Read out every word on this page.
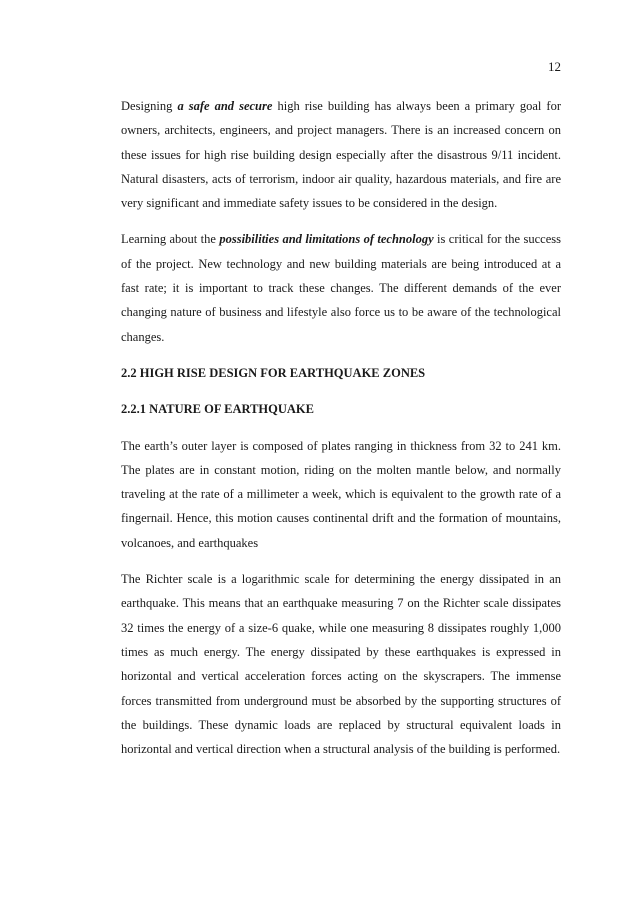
12

Designing a safe and secure high rise building has always been a primary goal for owners, architects, engineers, and project managers. There is an increased concern on these issues for high rise building design especially after the disastrous 9/11 incident. Natural disasters, acts of terrorism, indoor air quality, hazardous materials, and fire are very significant and immediate safety issues to be considered in the design.

Learning about the possibilities and limitations of technology is critical for the success of the project. New technology and new building materials are being introduced at a fast rate; it is important to track these changes. The different demands of the ever changing nature of business and lifestyle also force us to be aware of the technological changes.

2.2 HIGH RISE DESIGN FOR EARTHQUAKE ZONES
2.2.1 NATURE OF EARTHQUAKE

The earth’s outer layer is composed of plates ranging in thickness from 32 to 241 km. The plates are in constant motion, riding on the molten mantle below, and normally traveling at the rate of a millimeter a week, which is equivalent to the growth rate of a fingernail. Hence, this motion causes continental drift and the formation of mountains, volcanoes, and earthquakes

The Richter scale is a logarithmic scale for determining the energy dissipated in an earthquake. This means that an earthquake measuring 7 on the Richter scale dissipates 32 times the energy of a size-6 quake, while one measuring 8 dissipates roughly 1,000 times as much energy. The energy dissipated by these earthquakes is expressed in horizontal and vertical acceleration forces acting on the skyscrapers. The immense forces transmitted from underground must be absorbed by the supporting structures of the buildings. These dynamic loads are replaced by structural equivalent loads in horizontal and vertical direction when a structural analysis of the building is performed.
